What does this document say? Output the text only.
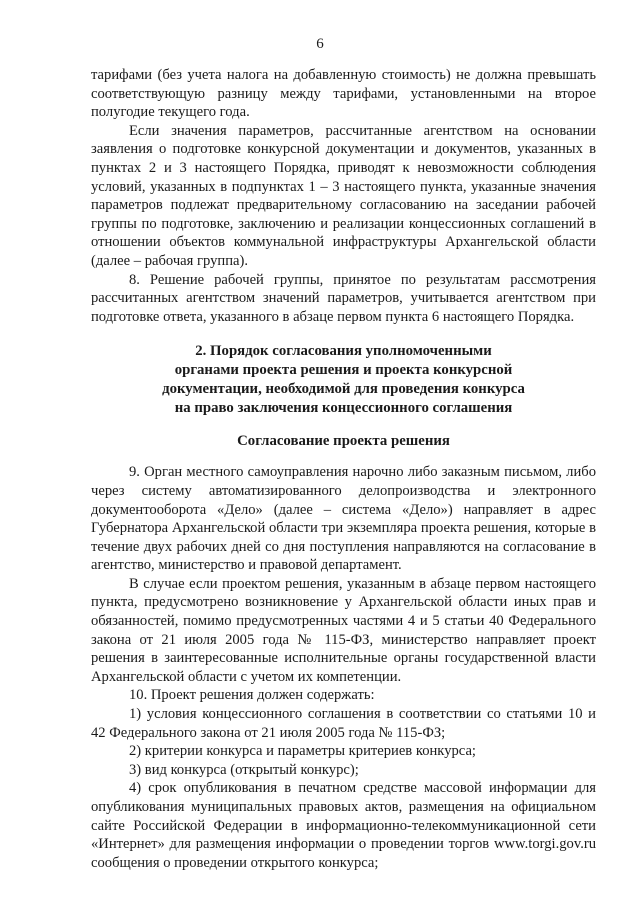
6

тарифами (без учета налога на добавленную стоимость) не должна превышать соответствующую разницу между тарифами, установленными на второе полугодие текущего года.

Если значения параметров, рассчитанные агентством на основании заявления о подготовке конкурсной документации и документов, указанных в пунктах 2 и 3 настоящего Порядка, приводят к невозможности соблюдения условий, указанных в подпунктах 1 – 3 настоящего пункта, указанные значения параметров подлежат предварительному согласованию на заседании рабочей группы по подготовке, заключению и реализации концессионных соглашений в отношении объектов коммунальной инфраструктуры Архангельской области (далее – рабочая группа).

8. Решение рабочей группы, принятое по результатам рассмотрения рассчитанных агентством значений параметров, учитывается агентством при подготовке ответа, указанного в абзаце первом пункта 6 настоящего Порядка.

2. Порядок согласования уполномоченными
органами проекта решения и проекта конкурсной
документации, необходимой для проведения конкурса
на право заключения концессионного соглашения
Согласование проекта решения

9. Орган местного самоуправления нарочно либо заказным письмом, либо через систему автоматизированного делопроизводства и электронного документооборота «Дело» (далее – система «Дело») направляет в адрес Губернатора Архангельской области три экземпляра проекта решения, которые в течение двух рабочих дней со дня поступления направляются на согласование в агентство, министерство и правовой департамент.

В случае если проектом решения, указанным в абзаце первом настоящего пункта, предусмотрено возникновение у Архангельской области иных прав и обязанностей, помимо предусмотренных частями 4 и 5 статьи 40 Федерального закона от 21 июля 2005 года № 115-ФЗ, министерство направляет проект решения в заинтересованные исполнительные органы государственной власти Архангельской области с учетом их компетенции.

10. Проект решения должен содержать:

1) условия концессионного соглашения в соответствии со статьями 10 и 42 Федерального закона от 21 июля 2005 года № 115-ФЗ;

2) критерии конкурса и параметры критериев конкурса;

3) вид конкурса (открытый конкурс);

4) срок опубликования в печатном средстве массовой информации для опубликования муниципальных правовых актов, размещения на официальном сайте Российской Федерации в информационно-телекоммуникационной сети «Интернет» для размещения информации о проведении торгов www.torgi.gov.ru сообщения о проведении открытого конкурса;
